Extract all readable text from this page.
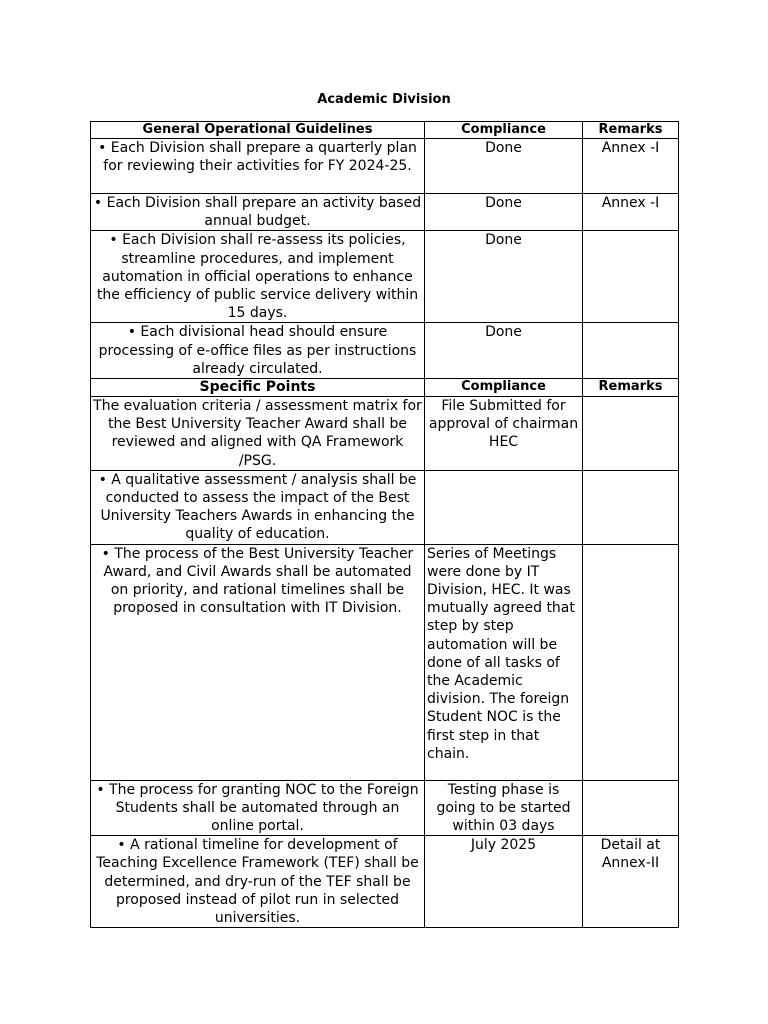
Academic Division
General Operational Guidelines	Compliance	Remarks
• Each Division shall prepare a quarterly plan for reviewing their activities for FY 2024-25.	Done	Annex -I
• Each Division shall prepare an activity based annual budget.	Done	Annex -I
• Each Division shall re-assess its policies, streamline procedures, and implement automation in official operations to enhance the efficiency of public service delivery within 15 days.	Done	
• Each divisional head should ensure processing of e-office files as per instructions already circulated.	Done	
Specific Points	Compliance	Remarks
The evaluation criteria / assessment matrix for the Best University Teacher Award shall be reviewed and aligned with QA Framework /PSG.	File Submitted for approval of chairman HEC	
• A qualitative assessment / analysis shall be conducted to assess the impact of the Best University Teachers Awards in enhancing the quality of education.		
• The process of the Best University Teacher Award, and Civil Awards shall be automated on priority, and rational timelines shall be proposed in consultation with IT Division.	Series of Meetings were done by IT Division, HEC. It was mutually agreed that step by step automation will be done of all tasks of the Academic division. The foreign Student NOC is the first step in that chain.	
• The process for granting NOC to the Foreign Students shall be automated through an online portal.	Testing phase is going to be started within 03 days	
• A rational timeline for development of Teaching Excellence Framework (TEF) shall be determined, and dry-run of the TEF shall be proposed instead of pilot run in selected universities.	July 2025	Detail at Annex-II
